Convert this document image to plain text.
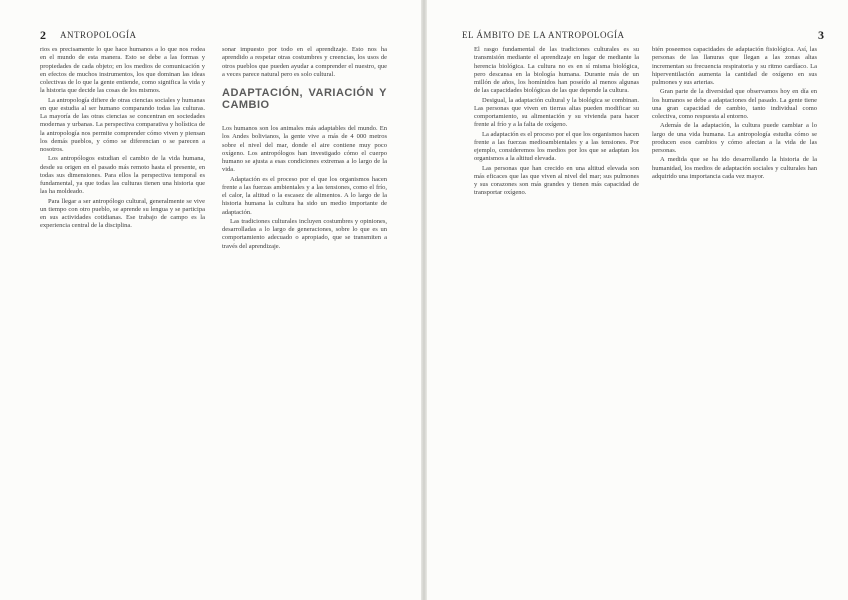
2 ANTROPOLOGÍA

rios es precisamente lo que hace humanos a lo que nos rodea en el mundo de esta manera. Esto se debe a las formas y propiedades de cada objeto; en los medios de comunicación y en efectos de muchos instrumentos, los que dominan las ideas colectivas de lo que la gente entiende, como significa la vida y la historia que decide las cosas de los mismos.

La antropología difiere de otras ciencias sociales y humanas en que estudia al ser humano comparando todas las culturas. La mayoría de las otras ciencias se concentran en sociedades modernas y urbanas. La perspectiva comparativa y holística de la antropología nos permite comprender cómo viven y piensan los demás pueblos, y cómo se diferencian o se parecen a nosotros.

Los antropólogos estudian el cambio de la vida humana, desde su origen en el pasado más remoto hasta el presente, en todas sus dimensiones. Para ellos la perspectiva temporal es fundamental, ya que todas las culturas tienen una historia que las ha moldeado.

Para llegar a ser antropólogo cultural, generalmente se vive un tiempo con otro pueblo, se aprende su lengua y se participa en sus actividades cotidianas. Ese trabajo de campo es la experiencia central de la disciplina.

sonar impuesto por todo en el aprendizaje. Esto nos ha aprendido a respetar otras costumbres y creencias, los usos de otros pueblos que pueden ayudar a comprender el nuestro, que a veces parece natural pero es solo cultural.

ADAPTACIÓN, VARIACIÓN Y CAMBIO

Los humanos son los animales más adaptables del mundo. En los Andes bolivianos, la gente vive a más de 4 000 metros sobre el nivel del mar, donde el aire contiene muy poco oxígeno. Los antropólogos han investigado cómo el cuerpo humano se ajusta a esas condiciones extremas a lo largo de la vida.

Adaptación es el proceso por el que los organismos hacen frente a las fuerzas ambientales y a las tensiones, como el frío, el calor, la altitud o la escasez de alimentos. A lo largo de la historia humana la cultura ha sido un medio importante de adaptación.

Las tradiciones culturales incluyen costumbres y opiniones, desarrolladas a lo largo de generaciones, sobre lo que es un comportamiento adecuado o apropiado, que se transmiten a través del aprendizaje.

EL ÁMBITO DE LA ANTROPOLOGÍA	3

El rasgo fundamental de las tradiciones culturales es su transmisión mediante el aprendizaje en lugar de mediante la herencia biológica. La cultura no es en sí misma biológica, pero descansa en la biología humana. Durante más de un millón de años, los homínidos han poseído al menos algunas de las capacidades biológicas de las que depende la cultura.

Desigual, la adaptación cultural y la biológica se combinan. Las personas que viven en tierras altas pueden modificar su comportamiento, su alimentación y su vivienda para hacer frente al frío y a la falta de oxígeno.

La adaptación es el proceso por el que los organismos hacen frente a las fuerzas medioambientales y a las tensiones. Por ejemplo, consideremos los medios por los que se adaptan los organismos a la altitud elevada.

Las personas que han crecido en una altitud elevada son más eficaces que las que viven al nivel del mar; sus pulmones y sus corazones son más grandes y tienen más capacidad de transportar oxígeno.

bién poseemos capacidades de adaptación fisiológica. Así, las personas de las llanuras que llegan a las zonas altas incrementan su frecuencia respiratoria y su ritmo cardíaco. La hiperventilación aumenta la cantidad de oxígeno en sus pulmones y sus arterias.

Gran parte de la diversidad que observamos hoy en día en los humanos se debe a adaptaciones del pasado. La gente tiene una gran capacidad de cambio, tanto individual como colectiva, como respuesta al entorno.

Además de la adaptación, la cultura puede cambiar a lo largo de una vida humana. La antropología estudia cómo se producen esos cambios y cómo afectan a la vida de las personas.

A medida que se ha ido desarrollando la historia de la humanidad, los medios de adaptación sociales y culturales han adquirido una importancia cada vez mayor.
